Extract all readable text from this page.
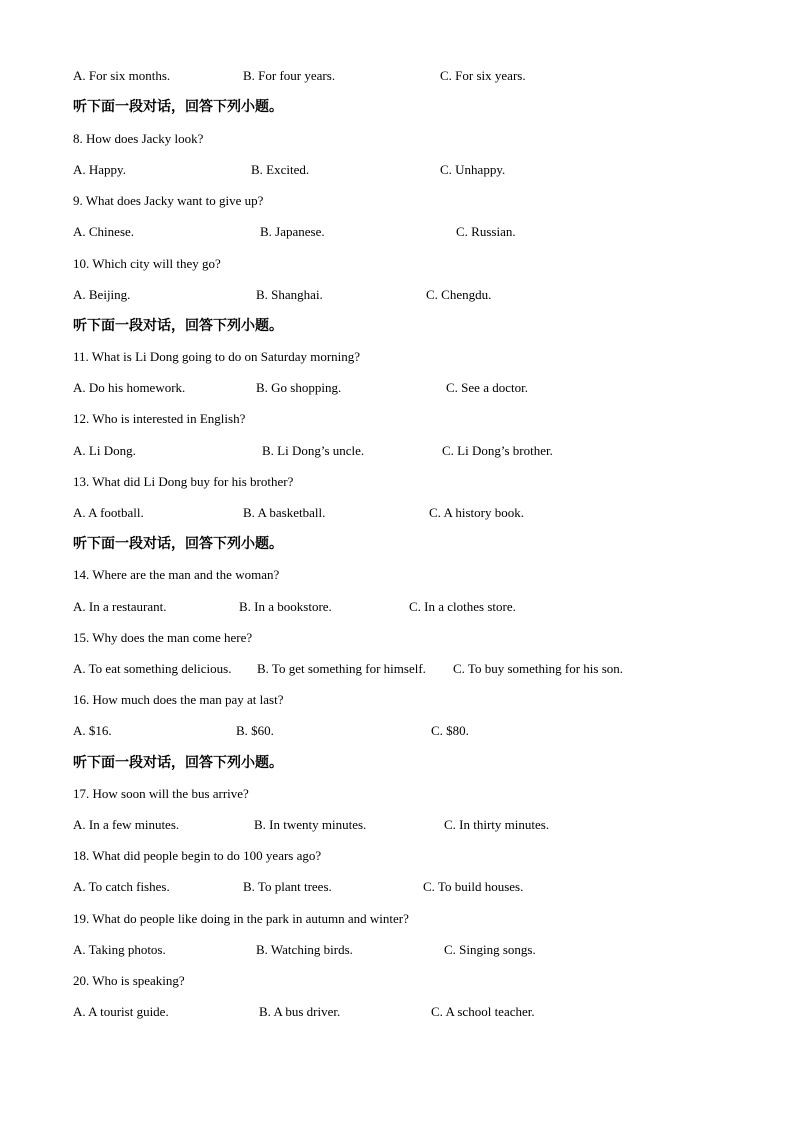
A. For six months.	B. For four years.	C. For six years.
听下面一段对话，回答下列小题。
8. How does Jacky look?
A. Happy.	B. Excited.	C. Unhappy.
9. What does Jacky want to give up?
A. Chinese.	B. Japanese.	C. Russian.
10. Which city will they go?
A. Beijing.	B. Shanghai.	C. Chengdu.
听下面一段对话，回答下列小题。
11. What is Li Dong going to do on Saturday morning?
A. Do his homework.	B. Go shopping.	C. See a doctor.
12. Who is interested in English?
A. Li Dong.	B. Li Dong’s uncle.	C. Li Dong’s brother.
13. What did Li Dong buy for his brother?
A. A football.	B. A basketball.	C. A history book.
听下面一段对话，回答下列小题。
14. Where are the man and the woman?
A. In a restaurant.	B. In a bookstore.	C. In a clothes store.
15. Why does the man come here?
A. To eat something delicious. B. To get something for himself. C. To buy something for his son.
16. How much does the man pay at last?
A. $16.	B. $60.	C. $80.
听下面一段对话，回答下列小题。
17. How soon will the bus arrive?
A. In a few minutes.	B. In twenty minutes.	C. In thirty minutes.
18. What did people begin to do 100 years ago?
A. To catch fishes.	B. To plant trees.	C. To build houses.
19. What do people like doing in the park in autumn and winter?
A. Taking photos.	B. Watching birds.	C. Singing songs.
20. Who is speaking?
A. A tourist guide.	B. A bus driver.	C. A school teacher.
